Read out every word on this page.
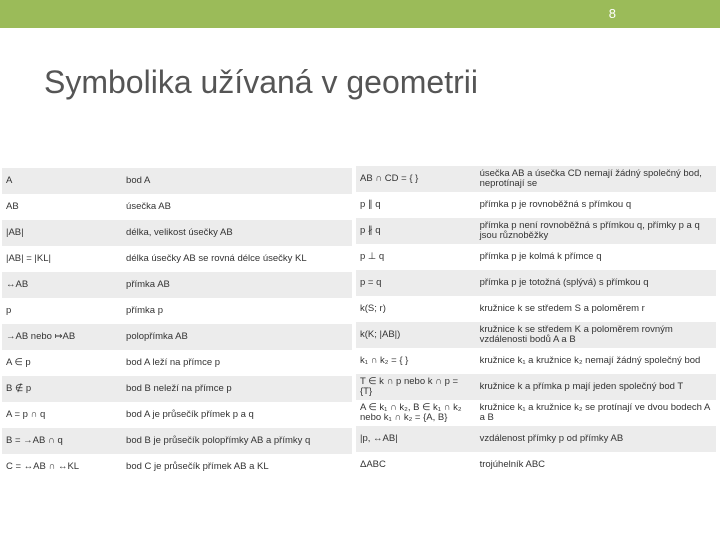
8
Symbolika užívaná v geometrii
A	bod A
AB	úsečka AB
|AB|	délka, velikost úsečky AB
|AB| = |KL|	délka úsečky AB se rovná délce úsečky KL
↔AB	přímka AB
p	přímka p
→AB nebo ↦AB	polopřímka AB
A ∈ p	bod A leží na přímce p
B ∉ p	bod B neleží na přímce p
A = p ∩ q	bod A je průsečík přímek p a q
B = →AB ∩ q	bod B je průsečík polopřímky AB a přímky q
C = ↔AB ∩ ↔KL	bod C je průsečík přímek AB a KL
AB ∩ CD = { }	úsečka AB a úsečka CD nemají žádný společný bod, neprotínají se
p ∥ q	přímka p je rovnoběžná s přímkou q
p ∦ q	přímka p není rovnoběžná s přímkou q, přímky p a q jsou různoběžky
p ⊥ q	přímka p je kolmá k přímce q
p = q	přímka p je totožná (splývá) s přímkou q
k(S; r)	kružnice k se středem S a poloměrem r
k(K; |AB|)	kružnice k se středem K a poloměrem rovným vzdálenosti bodů A a B
k₁ ∩ k₂ = { }	kružnice k₁ a kružnice k₂ nemají žádný společný bod
T ∈ k ∩ p nebo k ∩ p = {T}	kružnice k a přímka p mají jeden společný bod T
A ∈ k₁ ∩ k₂, B ∈ k₁ ∩ k₂ nebo k₁ ∩ k₂ = {A, B}	kružnice k₁ a kružnice k₂ se protínají ve dvou bodech A a B
|p, ↔AB|	vzdálenost přímky p od přímky AB
ΔABC	trojúhelník ABC
